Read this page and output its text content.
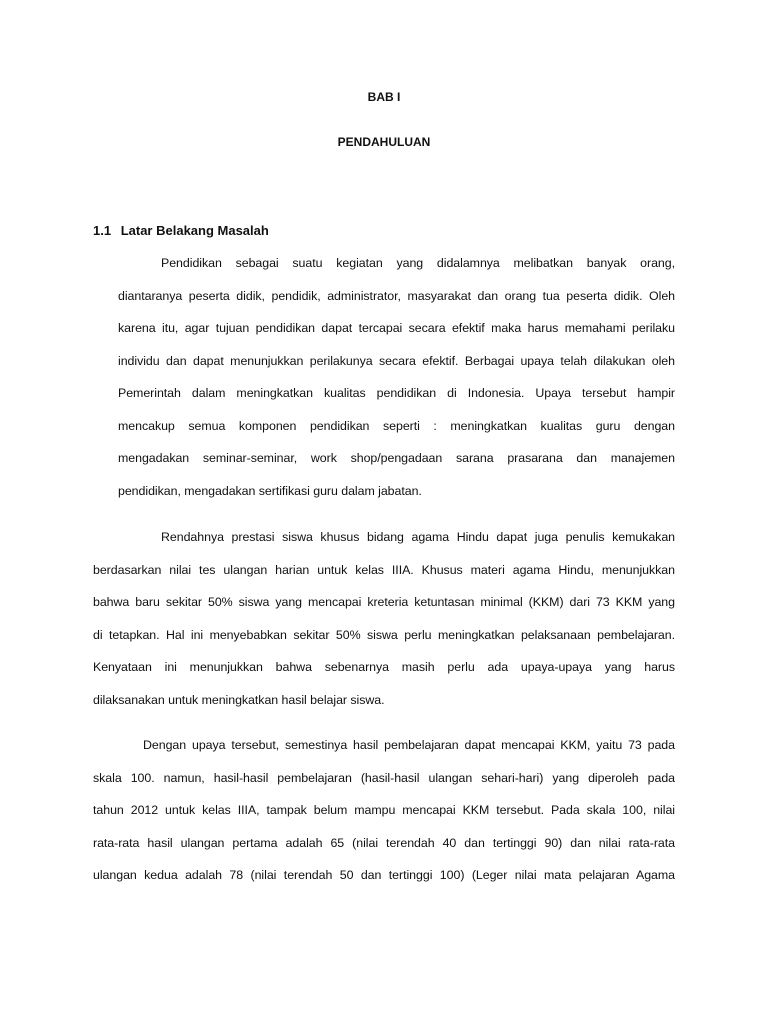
BAB I
PENDAHULUAN
1.1 Latar Belakang Masalah
Pendidikan sebagai suatu kegiatan yang didalamnya melibatkan banyak orang,
diantaranya peserta didik, pendidik, administrator, masyarakat dan orang tua peserta didik. Oleh
karena itu, agar tujuan pendidikan dapat tercapai secara efektif maka harus memahami perilaku
individu dan dapat menunjukkan perilakunya secara efektif. Berbagai upaya telah dilakukan oleh
Pemerintah dalam meningkatkan kualitas pendidikan di Indonesia. Upaya tersebut hampir
mencakup semua komponen pendidikan seperti : meningkatkan kualitas guru dengan
mengadakan seminar-seminar, work shop/pengadaan sarana prasarana dan manajemen
pendidikan, mengadakan sertifikasi guru dalam jabatan.
Rendahnya prestasi siswa khusus bidang agama Hindu dapat juga penulis kemukakan
berdasarkan nilai tes ulangan harian untuk kelas IIIA. Khusus materi agama Hindu, menunjukkan
bahwa baru sekitar 50% siswa yang mencapai kreteria ketuntasan minimal (KKM) dari 73 KKM yang
di tetapkan. Hal ini menyebabkan sekitar 50% siswa perlu meningkatkan pelaksanaan pembelajaran.
Kenyataan ini menunjukkan bahwa sebenarnya masih perlu ada upaya-upaya yang harus
dilaksanakan untuk meningkatkan hasil belajar siswa.
Dengan upaya tersebut, semestinya hasil pembelajaran dapat mencapai KKM, yaitu 73 pada
skala 100. namun, hasil-hasil pembelajaran (hasil-hasil ulangan sehari-hari) yang diperoleh pada
tahun 2012 untuk kelas IIIA, tampak belum mampu mencapai KKM tersebut. Pada skala 100, nilai
rata-rata hasil ulangan pertama adalah 65 (nilai terendah 40 dan tertinggi 90) dan nilai rata-rata
ulangan kedua adalah 78 (nilai terendah 50 dan tertinggi 100) (Leger nilai mata pelajaran Agama
